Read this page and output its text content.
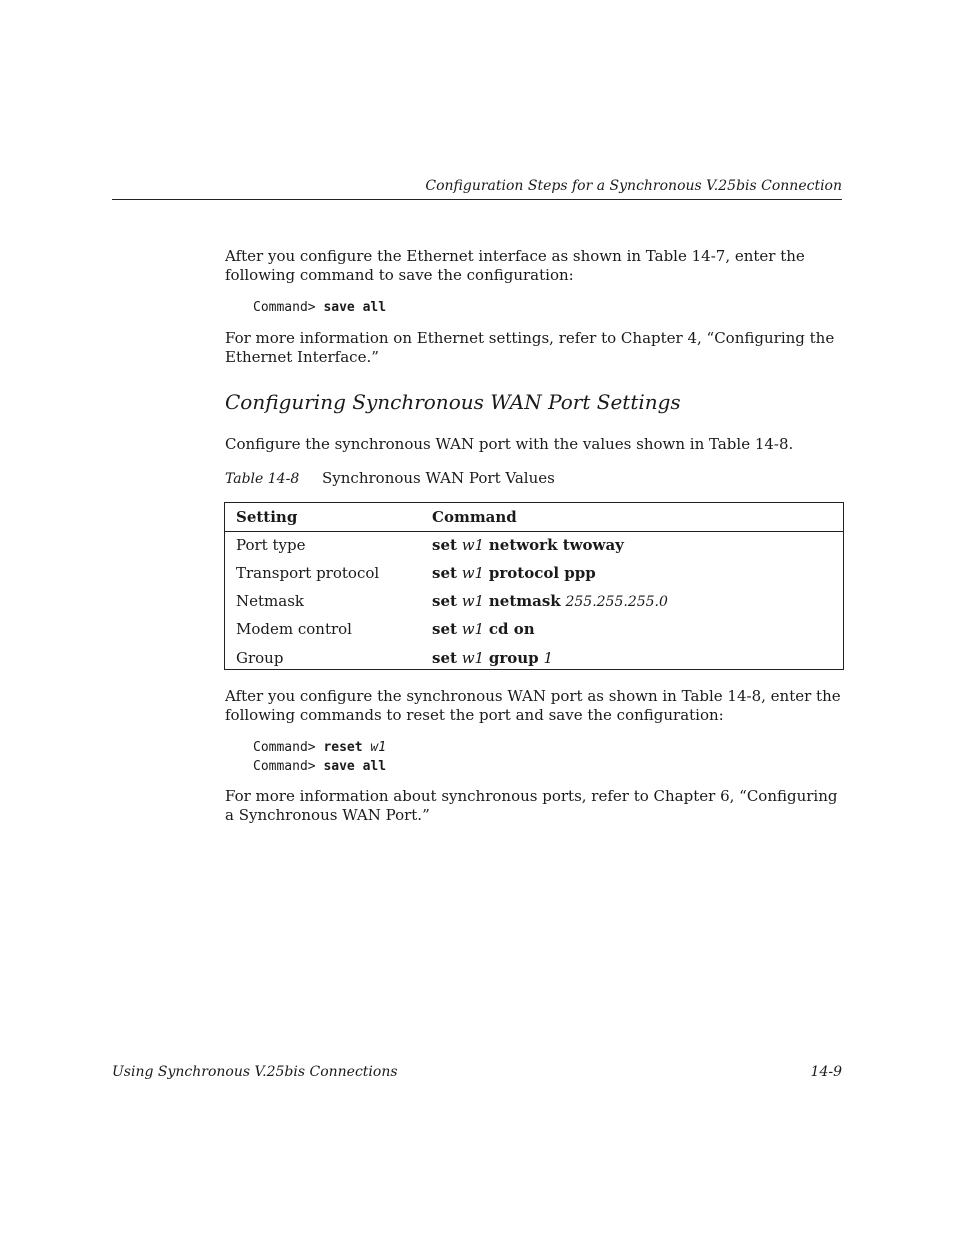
Configuration Steps for a Synchronous V.25bis Connection
After you configure the Ethernet interface as shown in Table 14-7, enter the following command to save the configuration:
Command> save all
For more information on Ethernet settings, refer to Chapter 4, “Configuring the Ethernet Interface.”
Configuring Synchronous WAN Port Settings
Configure the synchronous WAN port with the values shown in Table 14-8.
Table 14-8 Synchronous WAN Port Values
Setting	Command
Port type	set w1 network twoway
Transport protocol	set w1 protocol ppp
Netmask	set w1 netmask 255.255.255.0
Modem control	set w1 cd on
Group	set w1 group 1
After you configure the synchronous WAN port as shown in Table 14-8, enter the following commands to reset the port and save the configuration:
Command> reset w1
Command> save all
For more information about synchronous ports, refer to Chapter 6, “Configuring a Synchronous WAN Port.”
Using Synchronous V.25bis Connections	14-9
